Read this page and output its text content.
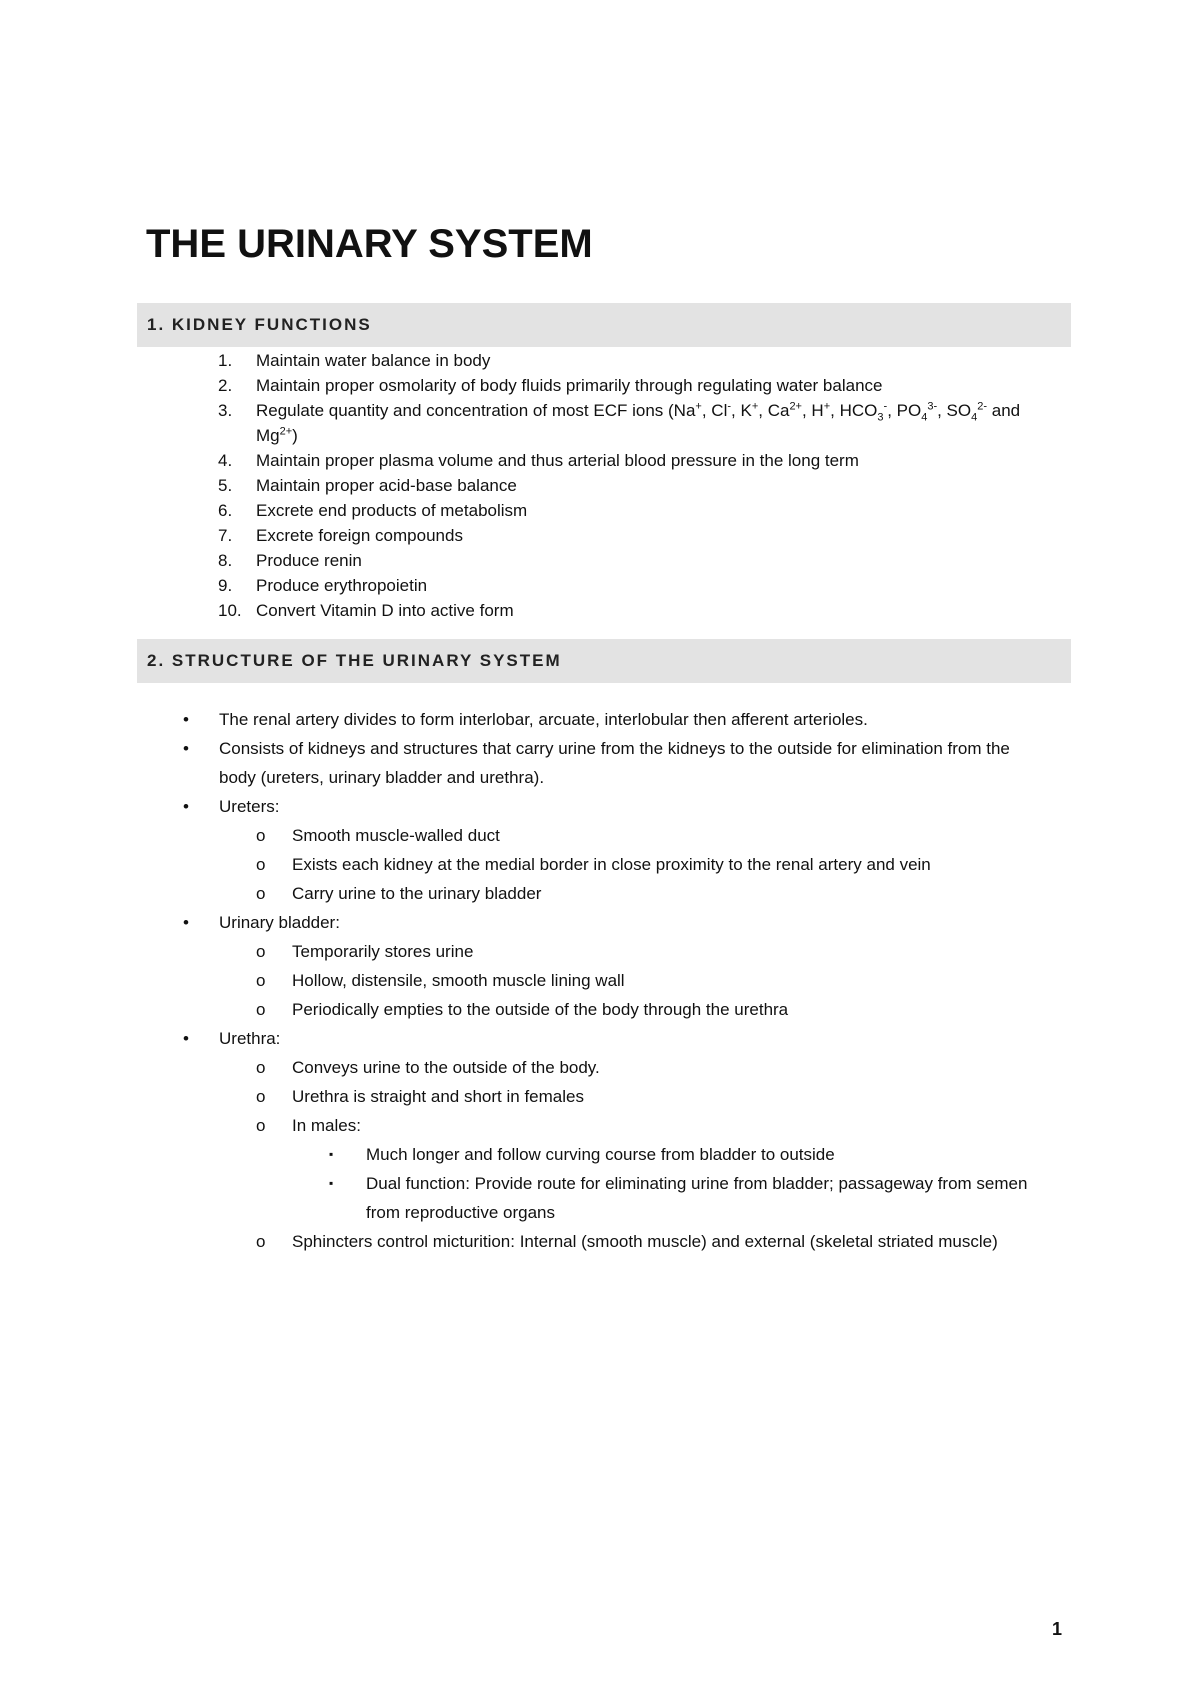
THE URINARY SYSTEM
1. KIDNEY FUNCTIONS
1.	Maintain water balance in body
2.	Maintain proper osmolarity of body fluids primarily through regulating water balance
3.	Regulate quantity and concentration of most ECF ions (Na+, Cl-, K+, $Ca^{2+}$, H+, $HCO_3^-$, $PO_4^{3-}$, $SO_4^{2-}$ and $Mg^{2+}$)
4.	Maintain proper plasma volume and thus arterial blood pressure in the long term
5.	Maintain proper acid-base balance
6.	Excrete end products of metabolism
7.	Excrete foreign compounds
8.	Produce renin
9.	Produce erythropoietin
10. Convert Vitamin D into active form
2. STRUCTURE OF THE URINARY SYSTEM
• The renal artery divides to form interlobar, arcuate, interlobular then afferent arterioles.
• Consists of kidneys and structures that carry urine from the kidneys to the outside for elimination from the body (ureters, urinary bladder and urethra).
• Ureters:
o Smooth muscle-walled duct
o Exists each kidney at the medial border in close proximity to the renal artery and vein
o Carry urine to the urinary bladder
• Urinary bladder:
o Temporarily stores urine
o Hollow, distensile, smooth muscle lining wall
o Periodically empties to the outside of the body through the urethra
• Urethra:
o Conveys urine to the outside of the body.
o Urethra is straight and short in females
o In males:
▪ Much longer and follow curving course from bladder to outside
▪ Dual function: Provide route for eliminating urine from bladder; passageway from semen from reproductive organs
o Sphincters control micturition: Internal (smooth muscle) and external (skeletal striated muscle)
1
